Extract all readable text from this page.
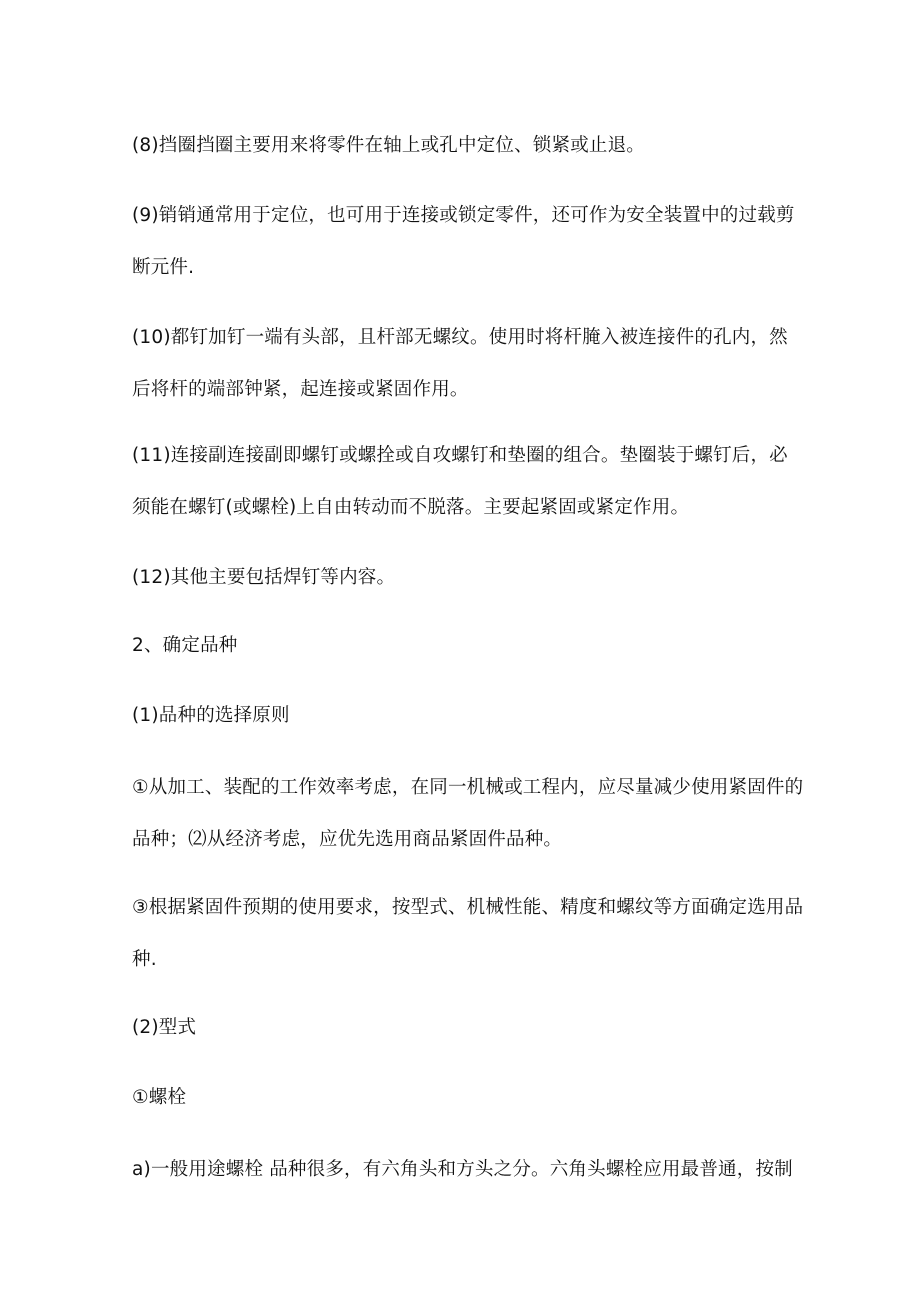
(8)挡圈挡圈主要用来将零件在轴上或孔中定位、锁紧或止退。

(9)销销通常用于定位，也可用于连接或锁定零件，还可作为安全装置中的过载剪断元件.

(10)都钉加钉一端有头部，且杆部无螺纹。使用时将杆腌入被连接件的孔内，然后将杆的端部钟紧，起连接或紧固作用。

(11)连接副连接副即螺钉或螺拴或自攻螺钉和垫圈的组合。垫圈装于螺钉后，必须能在螺钉(或螺栓)上自由转动而不脱落。主要起紧固或紧定作用。

(12)其他主要包括焊钉等内容。

2、确定品种

(1)品种的选择原则

①从加工、装配的工作效率考虑，在同一机械或工程内，应尽量减少使用紧固件的品种；⑵从经济考虑，应优先选用商品紧固件品种。

③根据紧固件预期的使用要求，按型式、机械性能、精度和螺纹等方面确定选用品种.

(2)型式

①螺栓

a)一般用途螺栓 品种很多，有六角头和方头之分。六角头螺栓应用最普通，按制
